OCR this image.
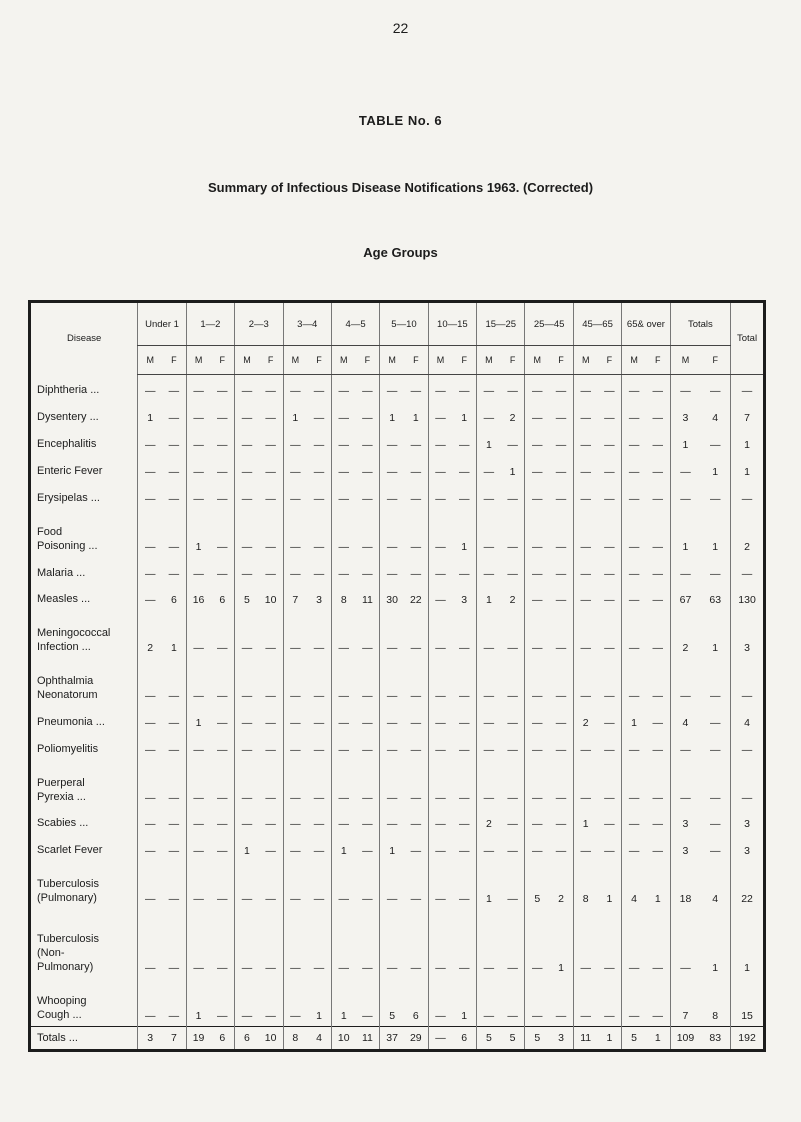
22
TABLE No. 6
Summary of Infectious Disease Notifications 1963. (Corrected)
Age Groups
Disease	Under 1		1—2		2—3		3—4		4—5		5—10		10—15		15—25		25—45		45—65		65& over		Totals		Total
	M	F	M	F	M	F	M	F	M	F	M	F	M	F	M	F	M	F	M	F	M	F	M	F	
Diphtheria ...	—	—	—	—	—	—	—	—	—	—	—	—	—	—	—	—	—	—	—	—	—	—	—	—	—
Dysentery ...	1	—	—	—	—	—	1	—	—	—	1	1	—	1	—	2	—	—	—	—	—	—	3	4	7
Encephalitis	—	—	—	—	—	—	—	—	—	—	—	—	—	—	1	—	—	—	—	—	—	—	1	—	1
Enteric Fever	—	—	—	—	—	—	—	—	—	—	—	—	—	—	—	1	—	—	—	—	—	—	—	1	1
Erysipelas ...	—	—	—	—	—	—	—	—	—	—	—	—	—	—	—	—	—	—	—	—	—	—	—	—	—
Food
Poisoning ...	—	—	1	—	—	—	—	—	—	—	—	—	—	1	—	—	—	—	—	—	—	—	1	1	2
Malaria ...	—	—	—	—	—	—	—	—	—	—	—	—	—	—	—	—	—	—	—	—	—	—	—	—	—
Measles ...	—	6	16	6	5	10	7	3	8	11	30	22	—	3	1	2	—	—	—	—	—	—	67	63	130
Meningococcal
Infection ...	2	1	—	—	—	—	—	—	—	—	—	—	—	—	—	—	—	—	—	—	—	—	2	1	3
Ophthalmia
Neonatorum	—	—	—	—	—	—	—	—	—	—	—	—	—	—	—	—	—	—	—	—	—	—	—	—	—
Pneumonia ...	—	—	1	—	—	—	—	—	—	—	—	—	—	—	—	—	—	—	2	—	1	—	4	—	4
Poliomyelitis	—	—	—	—	—	—	—	—	—	—	—	—	—	—	—	—	—	—	—	—	—	—	—	—	—
Puerperal
Pyrexia ...	—	—	—	—	—	—	—	—	—	—	—	—	—	—	—	—	—	—	—	—	—	—	—	—	—
Scabies ...	—	—	—	—	—	—	—	—	—	—	—	—	—	—	2	—	—	—	1	—	—	—	3	—	3
Scarlet Fever	—	—	—	—	1	—	—	—	1	—	1	—	—	—	—	—	—	—	—	—	—	—	3	—	3
Tuberculosis
(Pulmonary)	—	—	—	—	—	—	—	—	—	—	—	—	—	—	1	—	5	2	8	1	4	1	18	4	22
Tuberculosis
(Non-
Pulmonary)	—	—	—	—	—	—	—	—	—	—	—	—	—	—	—	—	—	1	—	—	—	—	—	1	1
Whooping
Cough ...	—	—	1	—	—	—	—	1	1	—	5	6	—	1	—	—	—	—	—	—	—	—	7	8	15
Totals ...	3	7	19	6	6	10	8	4	10	11	37	29	—	6	5	5	5	3	11	1	5	1	109	83	192
